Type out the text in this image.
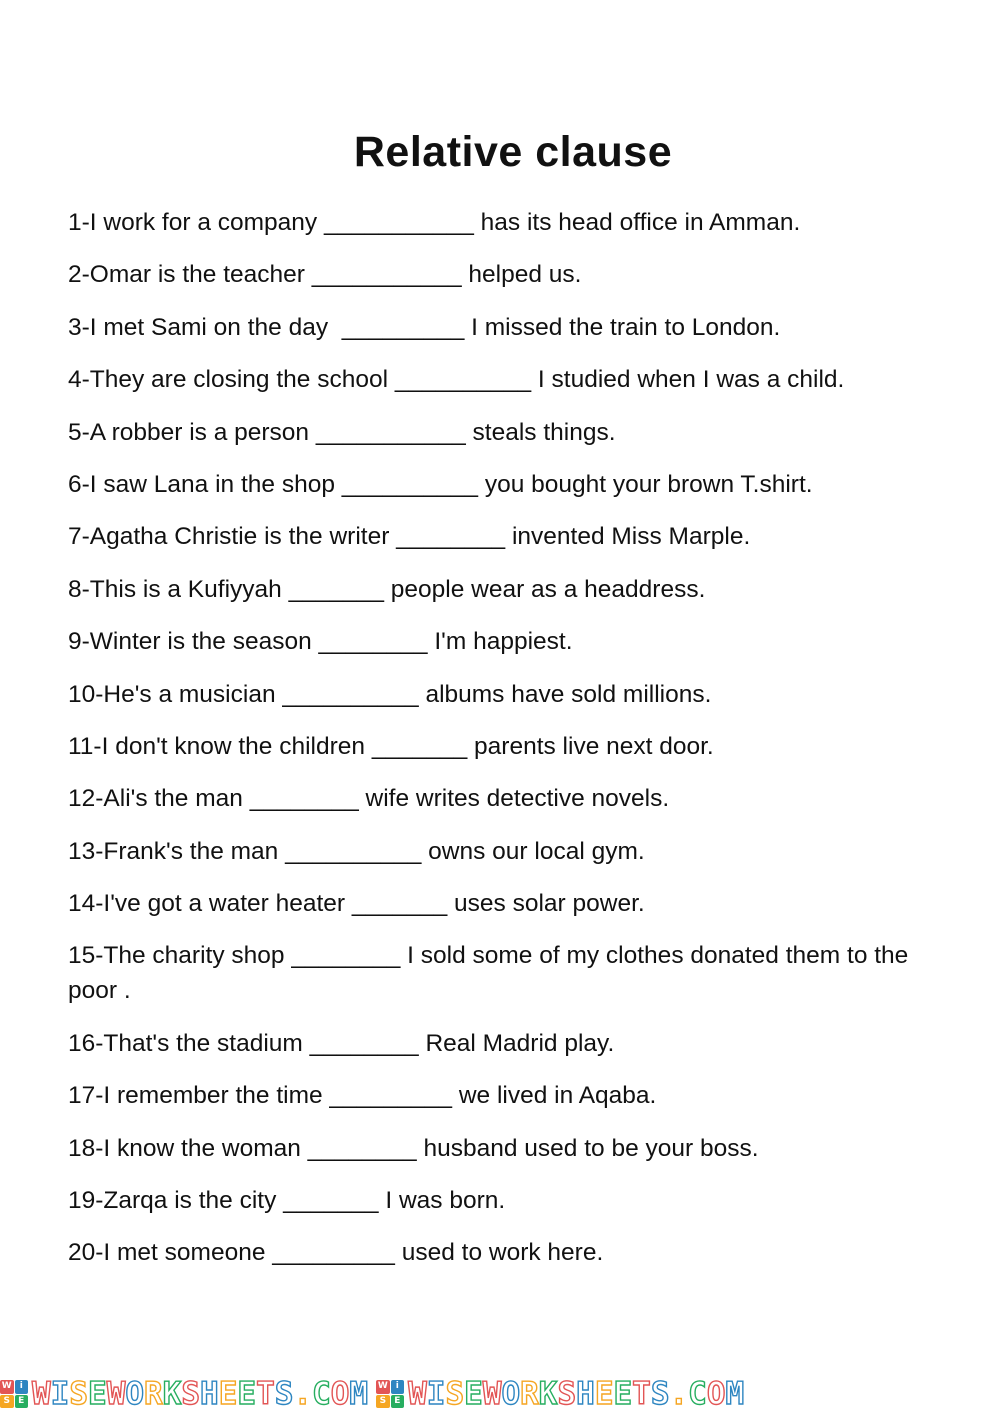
Relative clause
1-I work for a company ___________ has its head office in Amman.
2-Omar is the teacher ___________ helped us.
3-I met Sami on the day  _________ I missed the train to London.
4-They are closing the school __________ I studied when I was a child.
5-A robber is a person ___________ steals things.
6-I saw Lana in the shop __________ you bought your brown T.shirt.
7-Agatha Christie is the writer ________ invented Miss Marple.
8-This is a Kufiyyah _______ people wear as a headdress.
9-Winter is the season ________ I'm happiest.
10-He's a musician __________ albums have sold millions.
11-I don't know the children _______ parents live next door.
12-Ali's the man ________ wife writes detective novels.
13-Frank's the man __________ owns our local gym.
14-I've got a water heater _______ uses solar power.
15-The charity shop ________ I sold some of my clothes donated them to the poor .
16-That's the stadium ________ Real Madrid play.
17-I remember the time _________ we lived in Aqaba.
18-I know the woman ________ husband used to be your boss.
19-Zarqa is the city _______ I was born.
20-I met someone _________ used to work here.
W i
S E WISEWORKSHEETS.COM W i
S E WISEWORKSHEETS.COM
